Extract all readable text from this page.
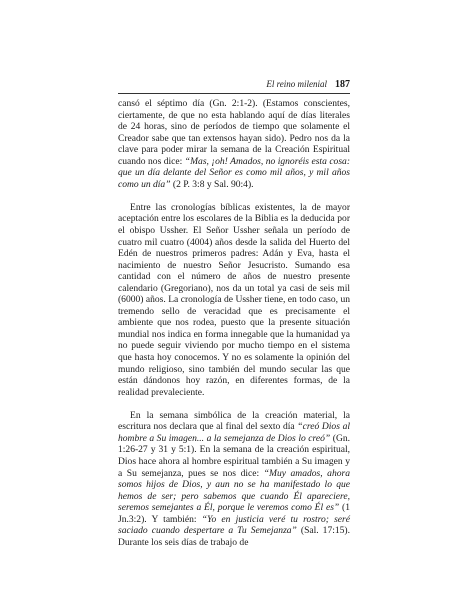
El reino milenial 187

cansó el séptimo día (Gn. 2:1-2). (Estamos conscientes, ciertamente, de que no esta hablando aquí de días literales de 24 horas, sino de períodos de tiempo que solamente el Creador sabe que tan extensos hayan sido). Pedro nos da la clave para poder mirar la semana de la Creación Espiritual cuando nos dice: “Mas, ¡oh! Amados, no ignoréis esta cosa: que un día delante del Señor es como mil años, y mil años como un día” (2 P. 3:8 y Sal. 90:4).

Entre las cronologías bíblicas existentes, la de mayor aceptación entre los escolares de la Biblia es la deducida por el obispo Ussher. El Señor Ussher señala un período de cuatro mil cuatro (4004) años desde la salida del Huerto del Edén de nuestros primeros padres: Adán y Eva, hasta el nacimiento de nuestro Señor Jesucristo. Sumando esa cantidad con el número de años de nuestro presente calendario (Gregoriano), nos da un total ya casi de seis mil (6000) años. La cronología de Ussher tiene, en todo caso, un tremendo sello de veracidad que es precisamente el ambiente que nos rodea, puesto que la presente situación mundial nos indica en forma innegable que la humanidad ya no puede seguir viviendo por mucho tiempo en el sistema que hasta hoy conocemos. Y no es solamente la opinión del mundo religioso, sino también del mundo secular las que están dándonos hoy razón, en diferentes formas, de la realidad prevaleciente.

En la semana simbólica de la creación material, la escritura nos declara que al final del sexto día “creó Dios al hombre a Su imagen... a la semejanza de Dios lo creó” (Gn. 1:26-27 y 31 y 5:1). En la semana de la creación espiritual, Dios hace ahora al hombre espiritual también a Su imagen y a Su semejanza, pues se nos dice: “Muy amados, ahora somos hijos de Dios, y aun no se ha manifestado lo que hemos de ser; pero sabemos que cuando Él apareciere, seremos semejantes a Él, porque le veremos como Él es” (1 Jn.3:2). Y también: “Yo en justicia veré tu rostro; seré saciado cuando despertare a Tu Semejanza” (Sal. 17:15). Durante los seis días de trabajo de
